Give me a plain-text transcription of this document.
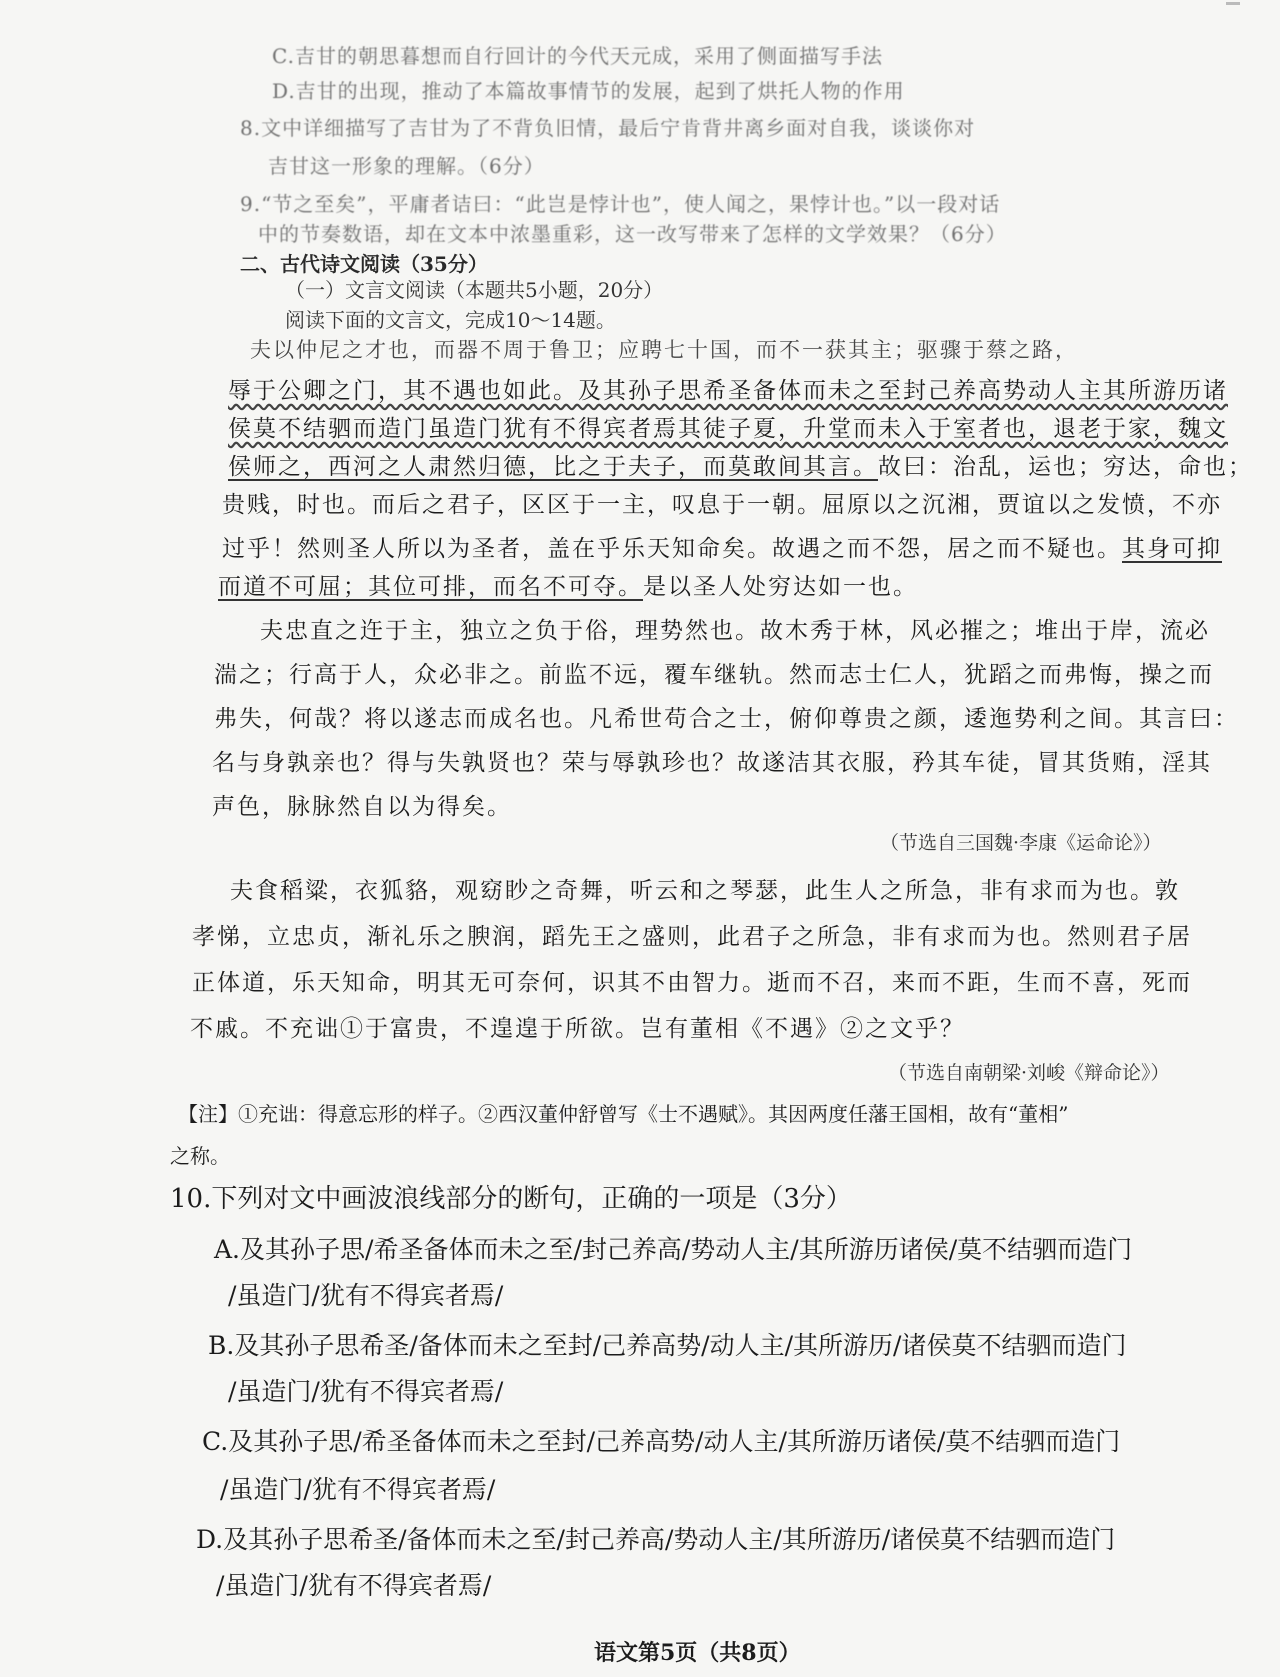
C.吉甘的朝思暮想而自行回计的今代天元成，采用了侧面描写手法
D.吉甘的出现，推动了本篇故事情节的发展，起到了烘托人物的作用
8.文中详细描写了吉甘为了不背负旧情，最后宁肯背井离乡面对自我，谈谈你对
吉甘这一形象的理解。（6分）
9.“节之至矣”，平庸者诘曰：“此岂是悖计也”，使人闻之，果悖计也。”以一段对话
中的节奏数语，却在文本中浓墨重彩，这一改写带来了怎样的文学效果？（6分）
二、古代诗文阅读（35分）
（一）文言文阅读（本题共5小题，20分）
阅读下面的文言文，完成10～14题。
夫以仲尼之才也，而器不周于鲁卫；应聘七十国，而不一获其主；驱骤于蔡之路，
辱于公卿之门，其不遇也如此。及其孙子思希圣备体而未之至封己养高势动人主其所游历诸
侯莫不结驷而造门虽造门犹有不得宾者焉其徒子夏，升堂而未入于室者也，退老于家，魏文
侯师之，西河之人肃然归德，比之于夫子，而莫敢间其言。故曰：治乱，运也；穷达，命也；
贵贱，时也。而后之君子，区区于一主，叹息于一朝。屈原以之沉湘，贾谊以之发愤，不亦
过乎！然则圣人所以为圣者，盖在乎乐天知命矣。故遇之而不怨，居之而不疑也。其身可抑
而道不可屈；其位可排，而名不可夺。是以圣人处穷达如一也。
夫忠直之迕于主，独立之负于俗，理势然也。故木秀于林，风必摧之；堆出于岸，流必
湍之；行高于人，众必非之。前监不远，覆车继轨。然而志士仁人，犹蹈之而弗悔，操之而
弗失，何哉？将以遂志而成名也。凡希世苟合之士，俯仰尊贵之颜，逶迤势利之间。其言曰：
名与身孰亲也？得与失孰贤也？荣与辱孰珍也？故遂洁其衣服，矜其车徒，冒其货贿，淫其
声色，脉脉然自以为得矣。
（节选自三国魏·李康《运命论》）
夫食稻粱，衣狐貉，观窈眇之奇舞，听云和之琴瑟，此生人之所急，非有求而为也。敦
孝悌，立忠贞，渐礼乐之腴润，蹈先王之盛则，此君子之所急，非有求而为也。然则君子居
正体道，乐天知命，明其无可奈何，识其不由智力。逝而不召，来而不距，生而不喜，死而
不戚。不充诎①于富贵，不遑遑于所欲。岂有董相《不遇》②之文乎？
（节选自南朝梁·刘峻《辩命论》）
【注】①充诎：得意忘形的样子。②西汉董仲舒曾写《士不遇赋》。其因两度任藩王国相，故有“董相”
之称。
10.下列对文中画波浪线部分的断句，正确的一项是（3分）
A.及其孙子思/希圣备体而未之至/封己养高/势动人主/其所游历诸侯/莫不结驷而造门
/虽造门/犹有不得宾者焉/
B.及其孙子思希圣/备体而未之至封/己养高势/动人主/其所游历/诸侯莫不结驷而造门
/虽造门/犹有不得宾者焉/
C.及其孙子思/希圣备体而未之至封/己养高势/动人主/其所游历诸侯/莫不结驷而造门
/虽造门/犹有不得宾者焉/
D.及其孙子思希圣/备体而未之至/封己养高/势动人主/其所游历/诸侯莫不结驷而造门
/虽造门/犹有不得宾者焉/
语文第5页（共8页）
